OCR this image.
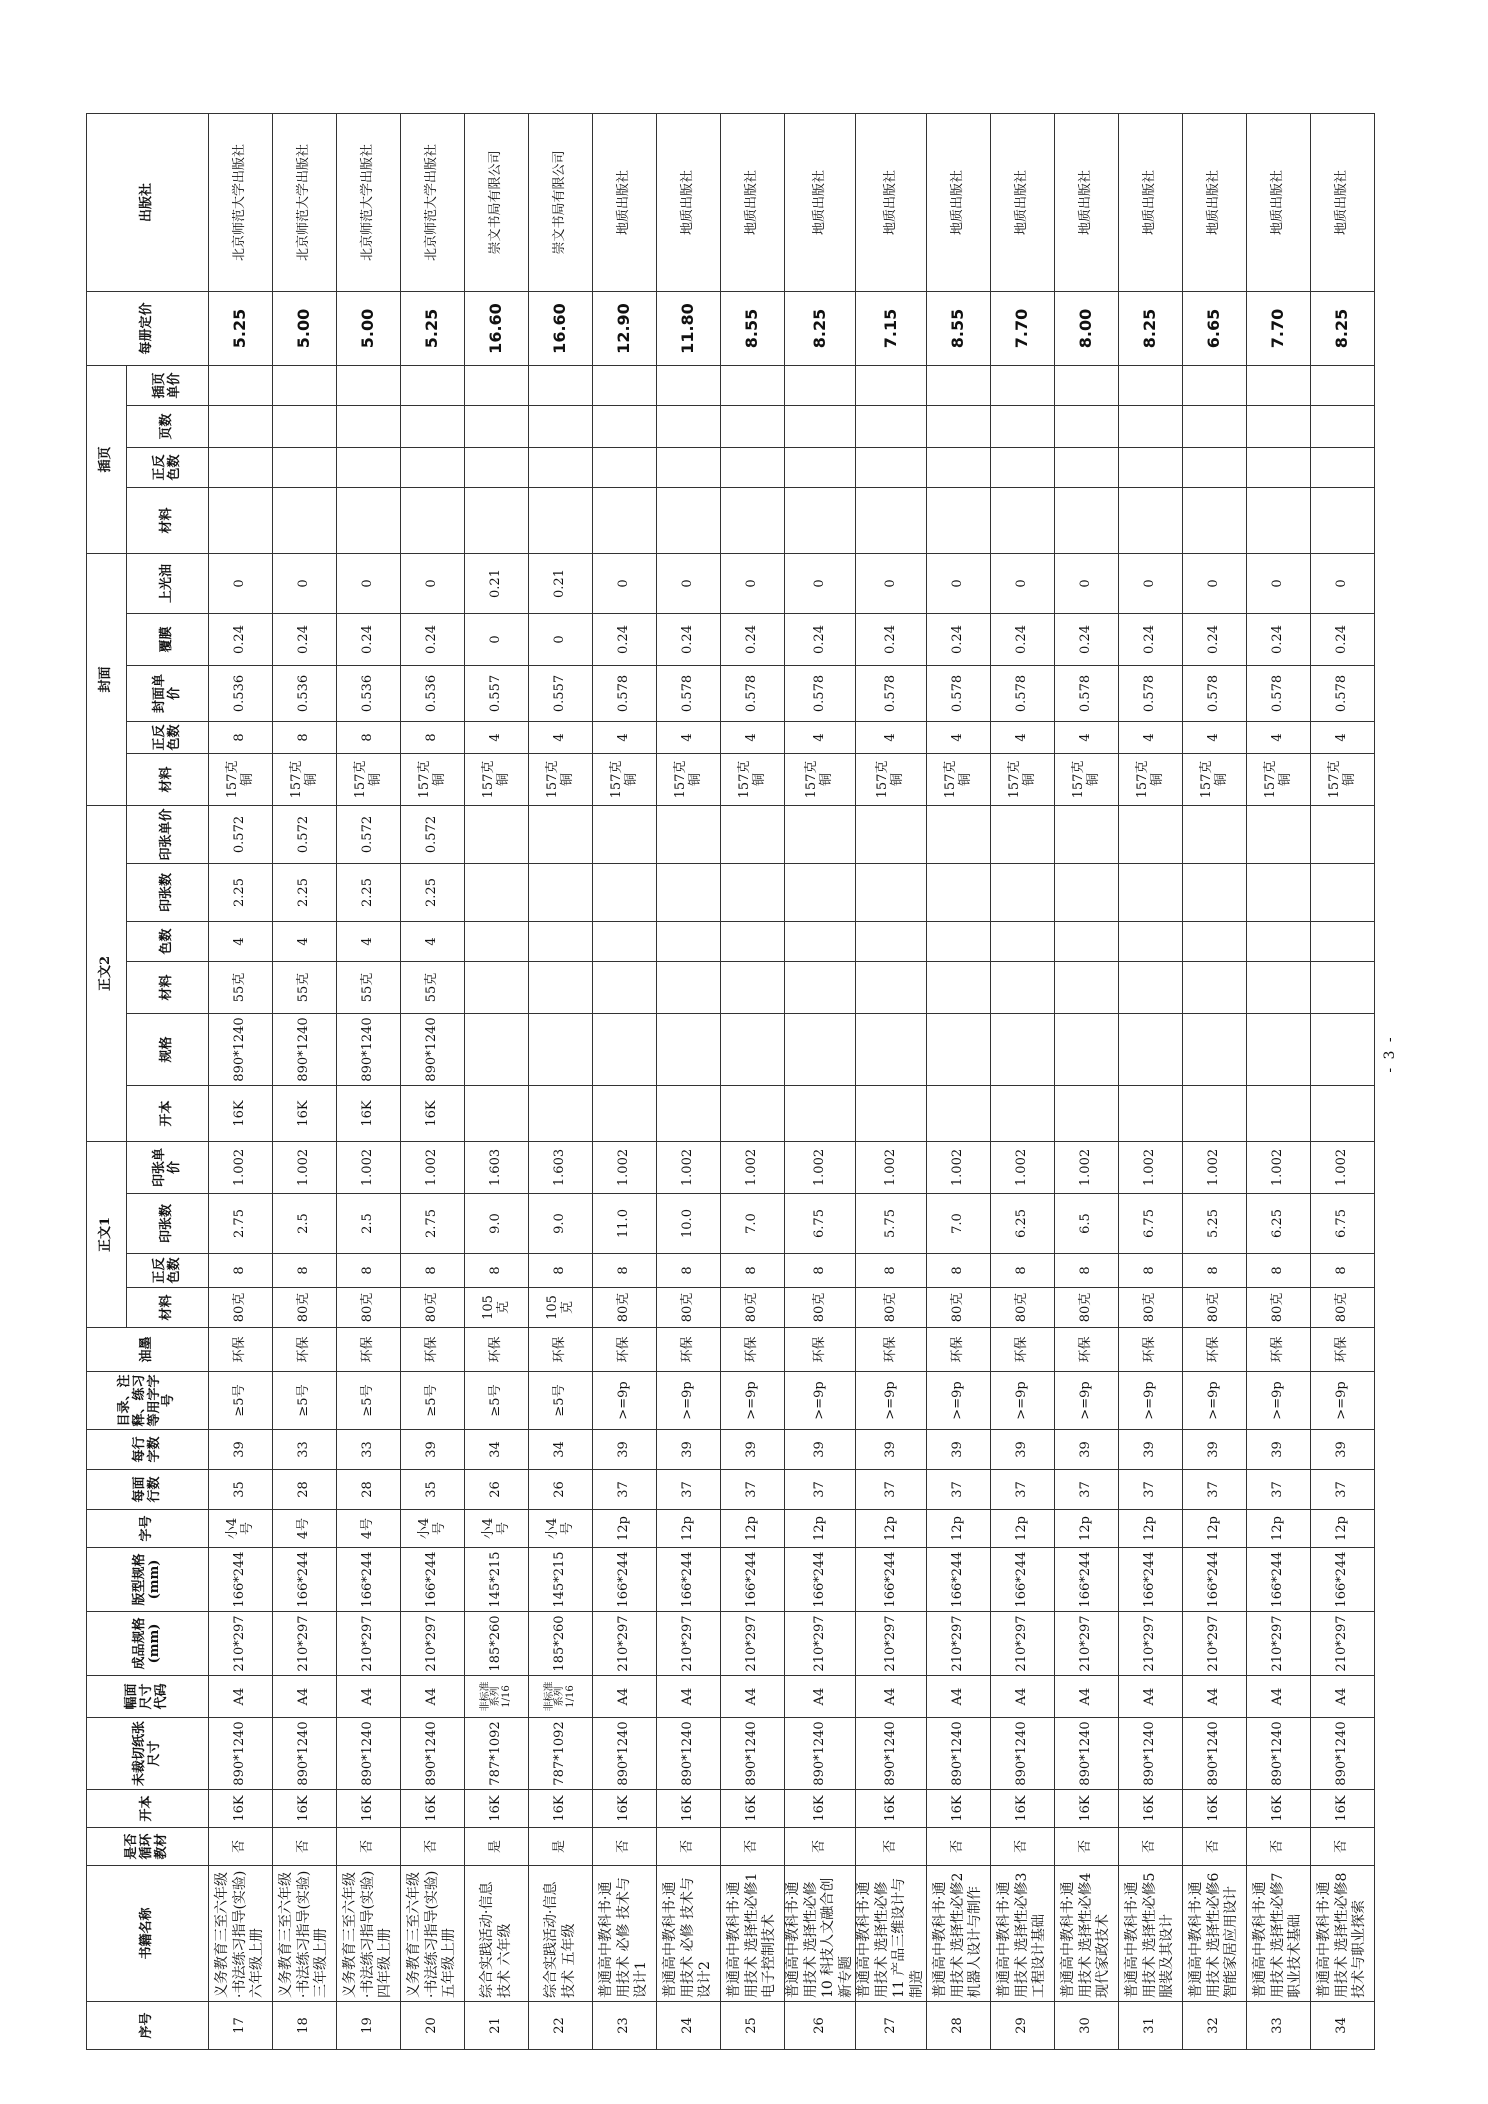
序号	书籍名称	是否循环教材	开本	未裁切纸张尺寸	幅面尺寸代码	成品规格(mm)	版型规格(mm)	字号	每面行数	每行字数	目录、注释、练习等用字字号	油墨	正文1				正文2						封面					插页				每册定价	出版社
													材料	正反色数	印张数	印张单价	开本	规格	材料	色数	印张数	印张单价	材料	正反色数	封面单价	覆膜	上光油	材料	正反色数	页数	插页单价		
17	义务教育三至六年级·书法练习指导(实验) 六年级上册	否	16K	890*1240	A4	210*297	166*244	小4号	35	39	≥5号	环保	80克	8	2.75	1.002	16K	890*1240	55克	4	2.25	0.572	157克铜	8	0.536	0.24	0					5.25	北京师范大学出版社
18	义务教育三至六年级·书法练习指导(实验) 三年级上册	否	16K	890*1240	A4	210*297	166*244	4号	28	33	≥5号	环保	80克	8	2.5	1.002	16K	890*1240	55克	4	2.25	0.572	157克铜	8	0.536	0.24	0					5.00	北京师范大学出版社
19	义务教育三至六年级·书法练习指导(实验) 四年级上册	否	16K	890*1240	A4	210*297	166*244	4号	28	33	≥5号	环保	80克	8	2.5	1.002	16K	890*1240	55克	4	2.25	0.572	157克铜	8	0.536	0.24	0					5.00	北京师范大学出版社
20	义务教育三至六年级·书法练习指导(实验) 五年级上册	否	16K	890*1240	A4	210*297	166*244	小4号	35	39	≥5号	环保	80克	8	2.75	1.002	16K	890*1240	55克	4	2.25	0.572	157克铜	8	0.536	0.24	0					5.25	北京师范大学出版社
21	综合实践活动·信息技术 六年级	是	16K	787*1092	非标准系列 1/16	185*260	145*215	小4号	26	34	≥5号	环保	105克	8	9.0	1.603							157克铜	4	0.557	0	0.21					16.60	崇文书局有限公司
22	综合实践活动·信息技术 五年级	是	16K	787*1092	非标准系列 1/16	185*260	145*215	小4号	26	34	≥5号	环保	105克	8	9.0	1.603							157克铜	4	0.557	0	0.21					16.60	崇文书局有限公司
23	普通高中教科书·通用技术 必修 技术与设计1	否	16K	890*1240	A4	210*297	166*244	12p	37	39	>=9p	环保	80克	8	11.0	1.002							157克铜	4	0.578	0.24	0					12.90	地质出版社
24	普通高中教科书·通用技术 必修 技术与设计2	否	16K	890*1240	A4	210*297	166*244	12p	37	39	>=9p	环保	80克	8	10.0	1.002							157克铜	4	0.578	0.24	0					11.80	地质出版社
25	普通高中教科书·通用技术 选择性必修1 电子控制技术	否	16K	890*1240	A4	210*297	166*244	12p	37	39	>=9p	环保	80克	8	7.0	1.002							157克铜	4	0.578	0.24	0					8.55	地质出版社
26	普通高中教科书·通用技术 选择性必修10 科技人文融合创新专题	否	16K	890*1240	A4	210*297	166*244	12p	37	39	>=9p	环保	80克	8	6.75	1.002							157克铜	4	0.578	0.24	0					8.25	地质出版社
27	普通高中教科书·通用技术 选择性必修11 产品三维设计与制造	否	16K	890*1240	A4	210*297	166*244	12p	37	39	>=9p	环保	80克	8	5.75	1.002							157克铜	4	0.578	0.24	0					7.15	地质出版社
28	普通高中教科书·通用技术 选择性必修2 机器人设计与制作	否	16K	890*1240	A4	210*297	166*244	12p	37	39	>=9p	环保	80克	8	7.0	1.002							157克铜	4	0.578	0.24	0					8.55	地质出版社
29	普通高中教科书·通用技术 选择性必修3 工程设计基础	否	16K	890*1240	A4	210*297	166*244	12p	37	39	>=9p	环保	80克	8	6.25	1.002							157克铜	4	0.578	0.24	0					7.70	地质出版社
30	普通高中教科书·通用技术 选择性必修4 现代家政技术	否	16K	890*1240	A4	210*297	166*244	12p	37	39	>=9p	环保	80克	8	6.5	1.002							157克铜	4	0.578	0.24	0					8.00	地质出版社
31	普通高中教科书·通用技术 选择性必修5 服装及其设计	否	16K	890*1240	A4	210*297	166*244	12p	37	39	>=9p	环保	80克	8	6.75	1.002							157克铜	4	0.578	0.24	0					8.25	地质出版社
32	普通高中教科书·通用技术 选择性必修6 智能家居应用设计	否	16K	890*1240	A4	210*297	166*244	12p	37	39	>=9p	环保	80克	8	5.25	1.002							157克铜	4	0.578	0.24	0					6.65	地质出版社
33	普通高中教科书·通用技术 选择性必修7 职业技术基础	否	16K	890*1240	A4	210*297	166*244	12p	37	39	>=9p	环保	80克	8	6.25	1.002							157克铜	4	0.578	0.24	0					7.70	地质出版社
34	普通高中教科书·通用技术 选择性必修8 技术与职业探索	否	16K	890*1240	A4	210*297	166*244	12p	37	39	>=9p	环保	80克	8	6.75	1.002							157克铜	4	0.578	0.24	0					8.25	地质出版社
- 3 -
